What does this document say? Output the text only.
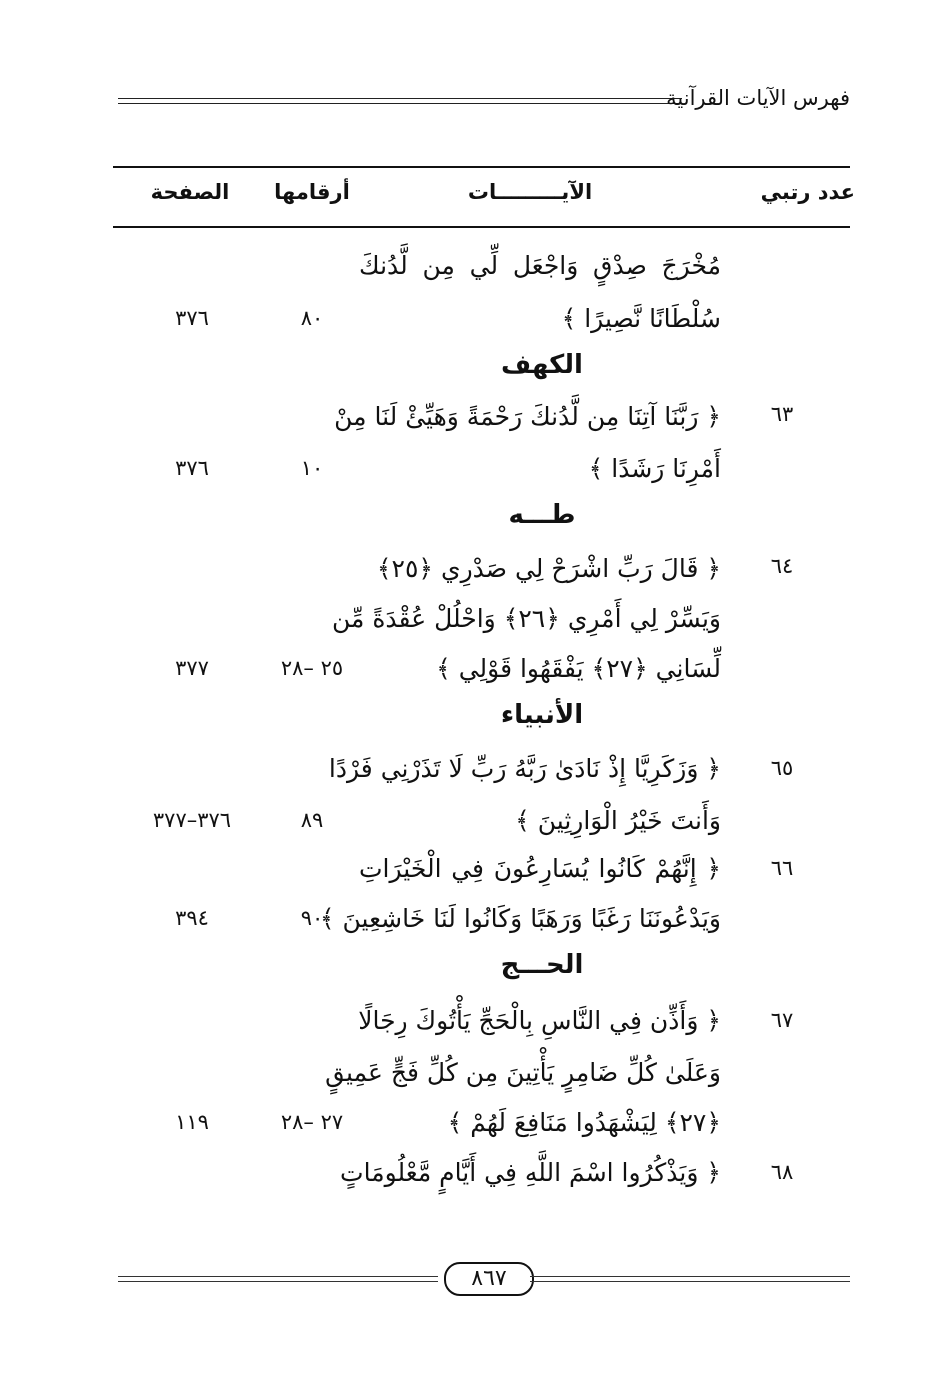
فهرس الآيات القرآنية
عدد رتبي
الآيـــــــــات
أرقامها
الصفحة
مُخْرَجَ صِدْقٍ وَاجْعَل لِّي مِن لَّدُنكَ
سُلْطَانًا نَّصِيرًا ﴾
٨٠
٣٧٦
الكهف
٦٣
﴿ رَبَّنَا آتِنَا مِن لَّدُنكَ رَحْمَةً وَهَيِّئْ لَنَا مِنْ
أَمْرِنَا رَشَدًا ﴾
١٠
٣٧٦
طـــه
٦٤
﴿ قَالَ رَبِّ اشْرَحْ لِي صَدْرِي ﴿٢٥﴾
وَيَسِّرْ لِي أَمْرِي ﴿٢٦﴾ وَاحْلُلْ عُقْدَةً مِّن
لِّسَانِي ﴿٢٧﴾ يَفْقَهُوا قَوْلِي ﴾
٢٥ –٢٨
٣٧٧
الأنبياء
٦٥
﴿ وَزَكَرِيَّا إِذْ نَادَىٰ رَبَّهُ رَبِّ لَا تَذَرْنِي فَرْدًا
وَأَنتَ خَيْرُ الْوَارِثِينَ ﴾
٨٩
٣٧٦–٣٧٧
٦٦
﴿ إِنَّهُمْ كَانُوا يُسَارِعُونَ فِي الْخَيْرَاتِ
وَيَدْعُونَنَا رَغَبًا وَرَهَبًا وَكَانُوا لَنَا خَاشِعِينَ ﴾
٩٠
٣٩٤
الحـــج
٦٧
﴿ وَأَذِّن فِي النَّاسِ بِالْحَجِّ يَأْتُوكَ رِجَالًا
وَعَلَىٰ كُلِّ ضَامِرٍ يَأْتِينَ مِن كُلِّ فَجٍّ عَمِيقٍ
﴿٢٧﴾ لِيَشْهَدُوا مَنَافِعَ لَهُمْ ﴾
٢٧ –٢٨
١١٩
٦٨
﴿ وَيَذْكُرُوا اسْمَ اللَّهِ فِي أَيَّامٍ مَّعْلُومَاتٍ
٨٦٧
